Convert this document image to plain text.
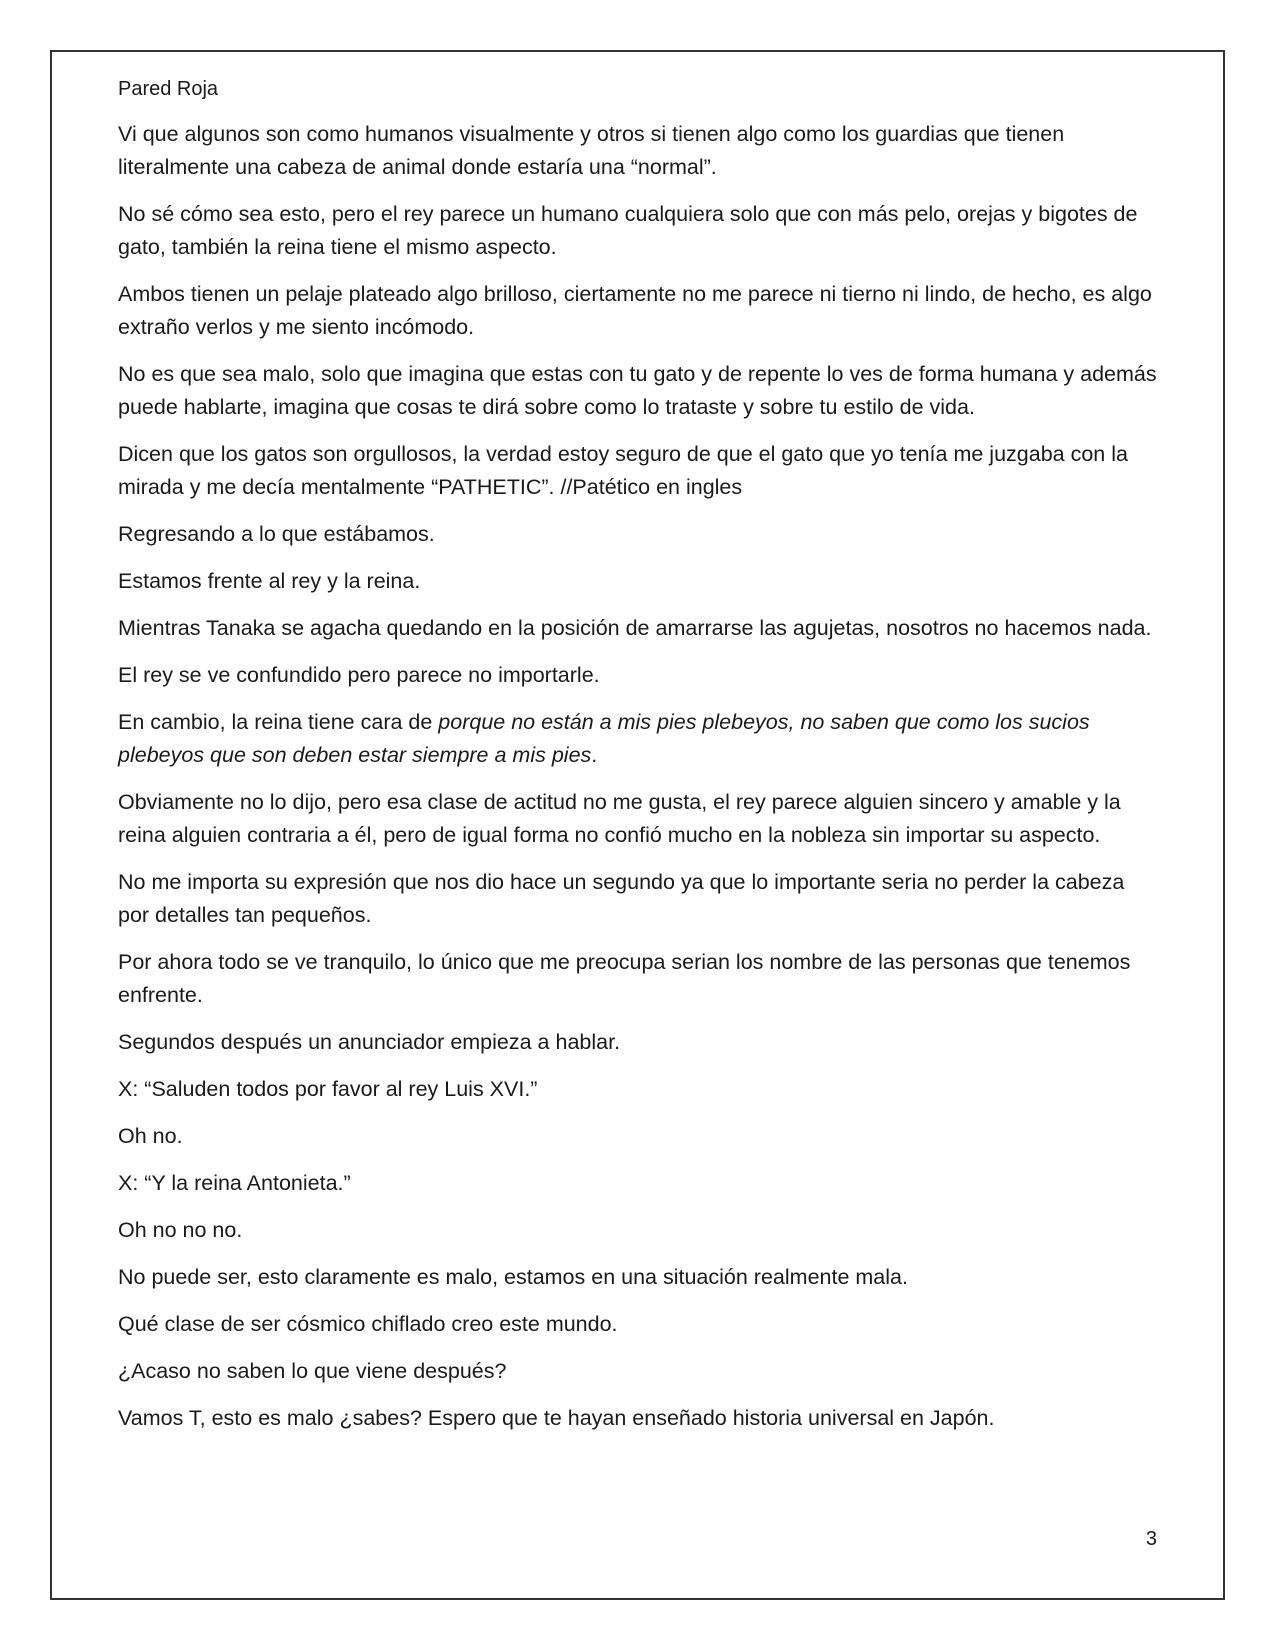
Pared Roja

Vi que algunos son como humanos visualmente y otros si tienen algo como los guardias que tienen literalmente una cabeza de animal donde estaría una “normal”.

No sé cómo sea esto, pero el rey parece un humano cualquiera solo que con más pelo, orejas y bigotes de gato, también la reina tiene el mismo aspecto.

Ambos tienen un pelaje plateado algo brilloso, ciertamente no me parece ni tierno ni lindo, de hecho, es algo extraño verlos y me siento incómodo.

No es que sea malo, solo que imagina que estas con tu gato y de repente lo ves de forma humana y además puede hablarte, imagina que cosas te dirá sobre como lo trataste y sobre tu estilo de vida.

Dicen que los gatos son orgullosos, la verdad estoy seguro de que el gato que yo tenía me juzgaba con la mirada y me decía mentalmente “PATHETIC”. //Patético en ingles

Regresando a lo que estábamos.

Estamos frente al rey y la reina.

Mientras Tanaka se agacha quedando en la posición de amarrarse las agujetas, nosotros no hacemos nada.

El rey se ve confundido pero parece no importarle.

En cambio, la reina tiene cara de porque no están a mis pies plebeyos, no saben que como los sucios plebeyos que son deben estar siempre a mis pies.

Obviamente no lo dijo, pero esa clase de actitud no me gusta, el rey parece alguien sincero y amable y la reina alguien contraria a él, pero de igual forma no confió mucho en la nobleza sin importar su aspecto.

No me importa su expresión que nos dio hace un segundo ya que lo importante seria no perder la cabeza por detalles tan pequeños.

Por ahora todo se ve tranquilo, lo único que me preocupa serian los nombre de las personas que tenemos enfrente.

Segundos después un anunciador empieza a hablar.

X: “Saluden todos por favor al rey Luis XVI.”

Oh no.

X: “Y la reina Antonieta.”

Oh no no no.

No puede ser, esto claramente es malo, estamos en una situación realmente mala.

Qué clase de ser cósmico chiflado creo este mundo.

¿Acaso no saben lo que viene después?

Vamos T, esto es malo ¿sabes? Espero que te hayan enseñado historia universal en Japón.

3
